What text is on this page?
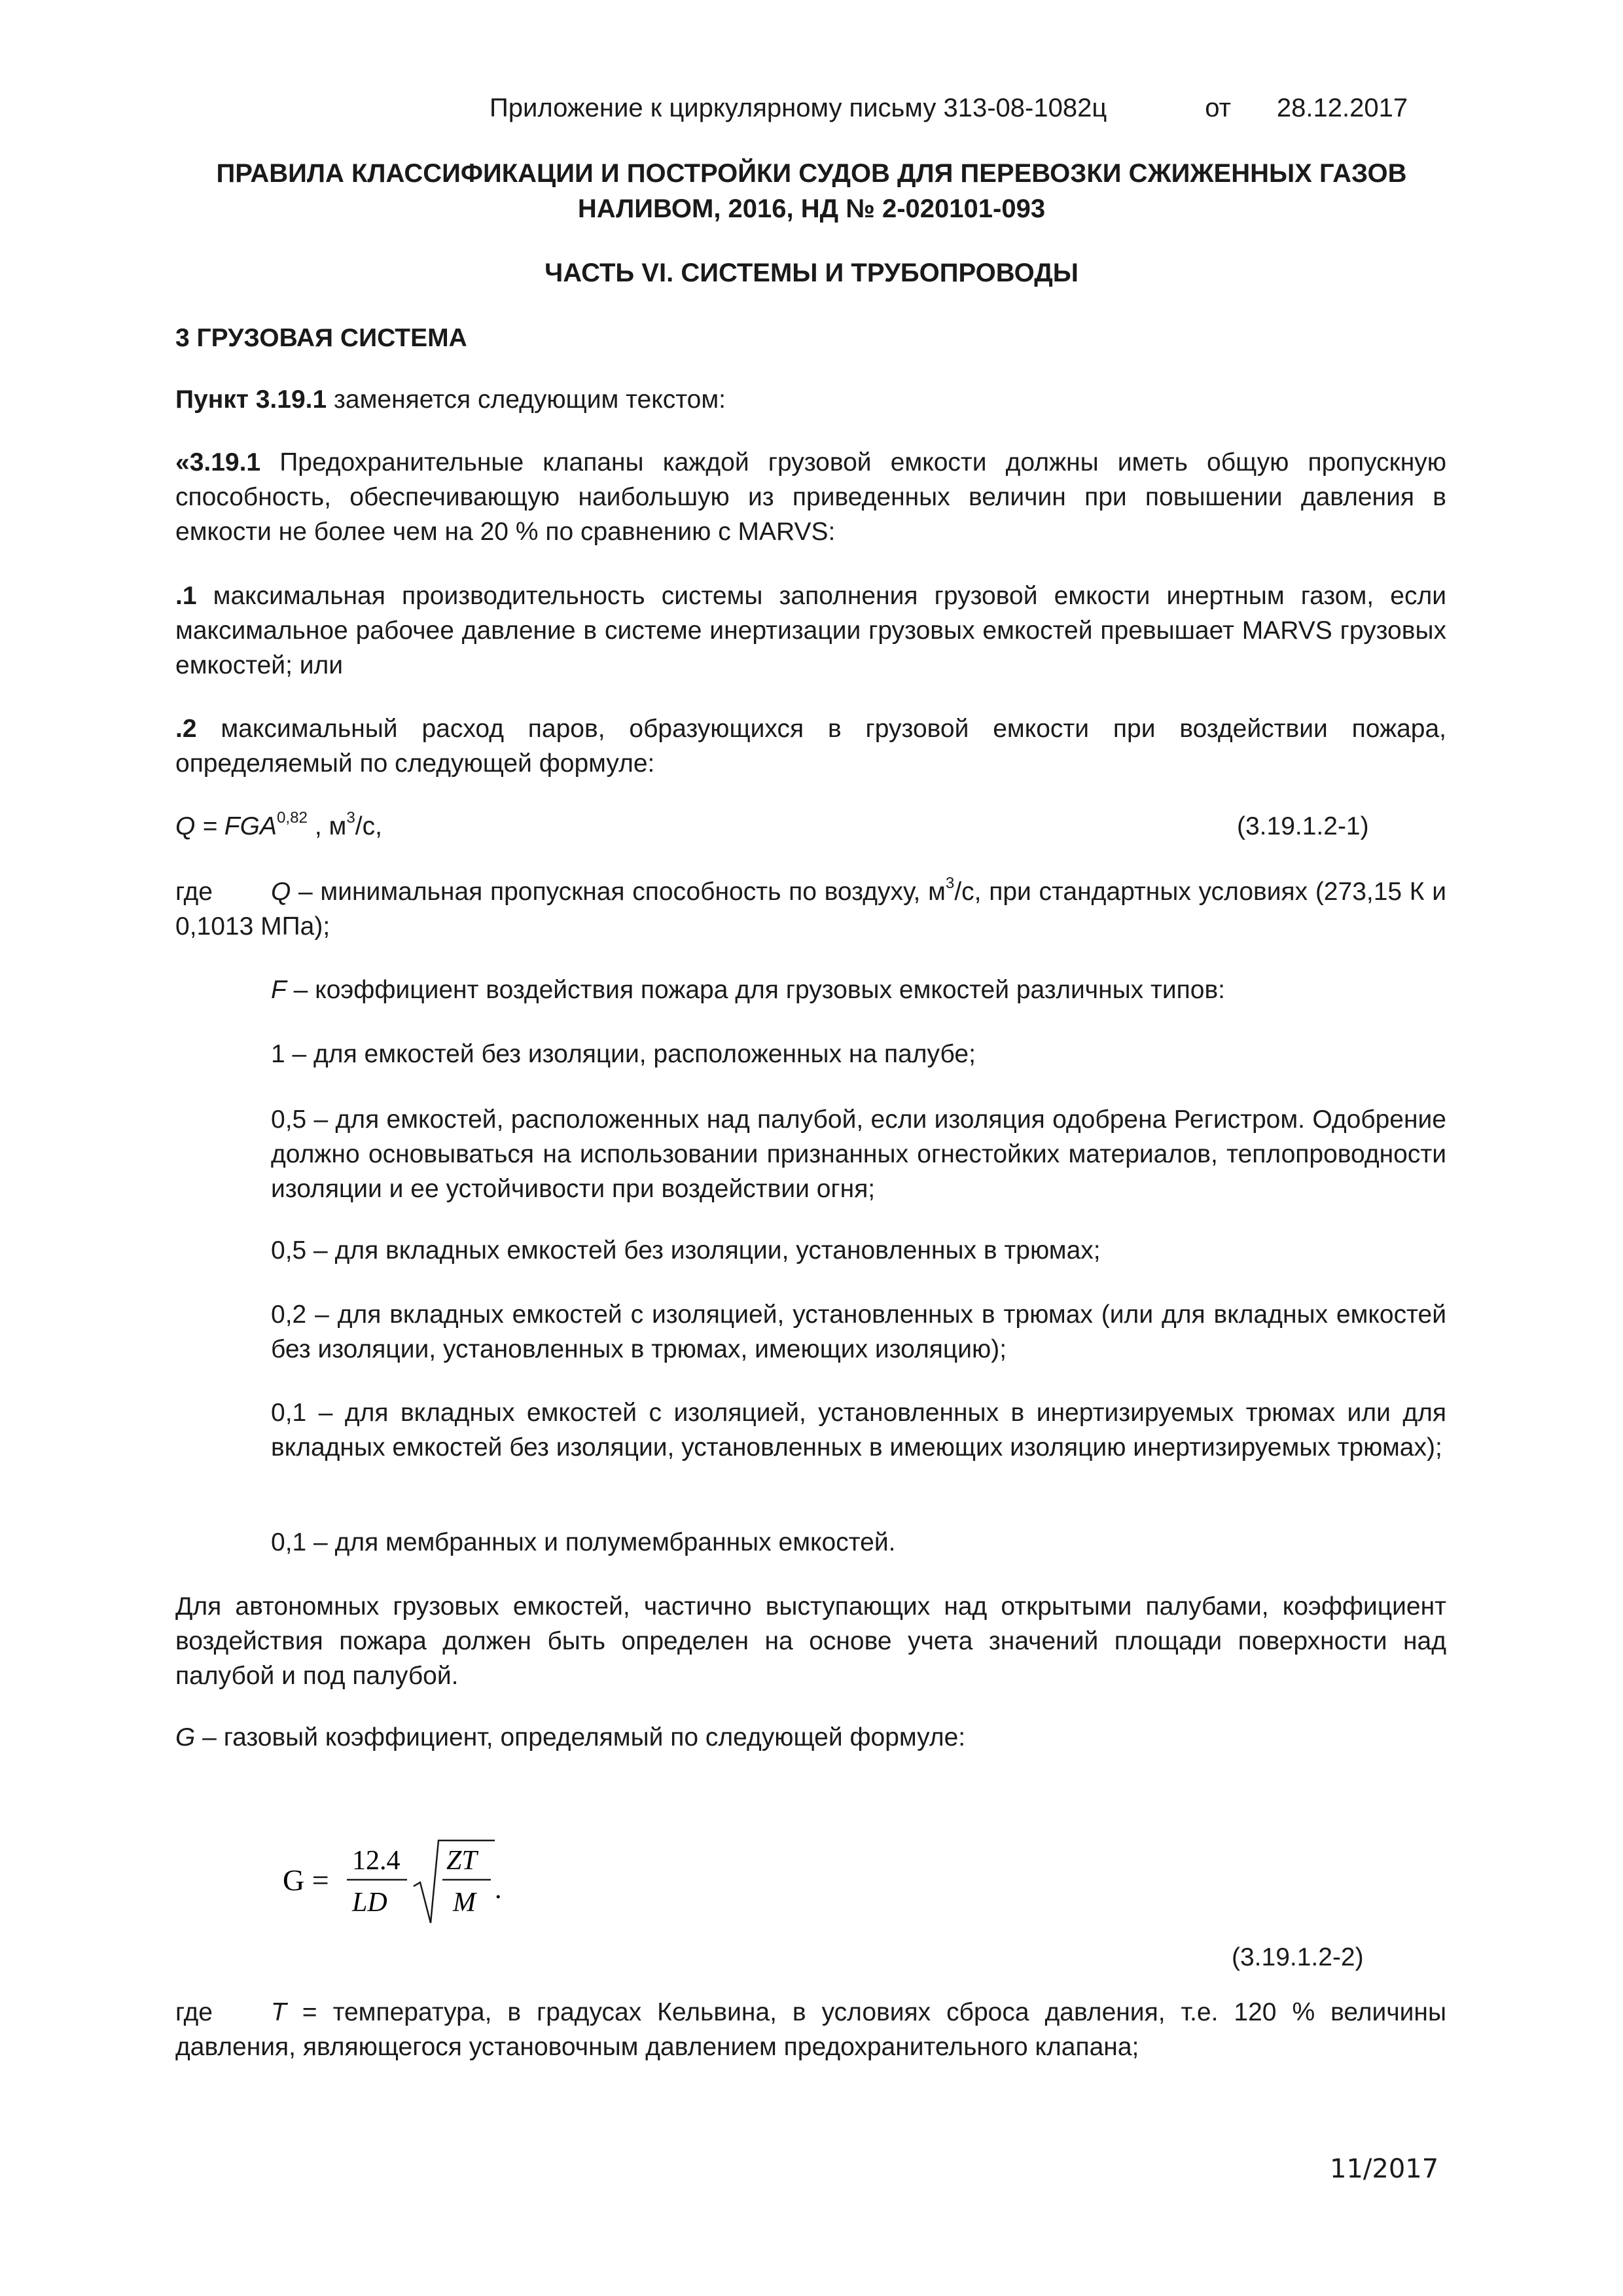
Приложение к циркулярному письму 313-08-1082ц	от 28.12.2017
ПРАВИЛА КЛАССИФИКАЦИИ И ПОСТРОЙКИ СУДОВ ДЛЯ ПЕРЕВОЗКИ СЖИЖЕННЫХ ГАЗОВ
НАЛИВОМ, 2016, НД № 2-020101-093
ЧАСТЬ VI. СИСТЕМЫ И ТРУБОПРОВОДЫ
3 ГРУЗОВАЯ СИСТЕМА
Пункт 3.19.1 заменяется следующим текстом:
«3.19.1 Предохранительные клапаны каждой грузовой емкости должны иметь общую пропускную способность, обеспечивающую наибольшую из приведенных величин при повышении давления в емкости не более чем на 20 % по сравнению с MARVS:
.1 максимальная производительность системы заполнения грузовой емкости инертным газом, если максимальное рабочее давление в системе инертизации грузовых емкостей превышает MARVS грузовых емкостей; или
.2 максимальный расход паров, образующихся в грузовой емкости при воздействии пожара, определяемый по следующей формуле:
Q = FGA$^{0,82}$ , $м^3/с$,	(3.19.1.2-1)
где Q – минимальная пропускная способность по воздуху, $м^3/с$, при стандартных условиях (273,15 К и 0,1013 МПа);
F – коэффициент воздействия пожара для грузовых емкостей различных типов:
1 – для емкостей без изоляции, расположенных на палубе;
0,5 – для емкостей, расположенных над палубой, если изоляция одобрена Регистром. Одобрение должно основываться на использовании признанных огнестойких материалов, теплопроводности изоляции и ее устойчивости при воздействии огня;
0,5 – для вкладных емкостей без изоляции, установленных в трюмах;
0,2 – для вкладных емкостей с изоляцией, установленных в трюмах (или для вкладных емкостей без изоляции, установленных в трюмах, имеющих изоляцию);
0,1 – для вкладных емкостей с изоляцией, установленных в инертизируемых трюмах или для вкладных емкостей без изоляции, установленных в имеющих изоляцию инертизируемых трюмах);
0,1 – для мембранных и полумембранных емкостей.
Для автономных грузовых емкостей, частично выступающих над открытыми палубами, коэффициент воздействия пожара должен быть определен на основе учета значений площади поверхности над палубой и под палубой.
G – газовый коэффициент, определямый по следующей формуле:
G =
12.4
LD
ZT
M .
(3.19.1.2-2)
где T = температура, в градусах Кельвина, в условиях сброса давления, т.е. 120 % величины давления, являющегося установочным давлением предохранительного клапана;
11/2017
